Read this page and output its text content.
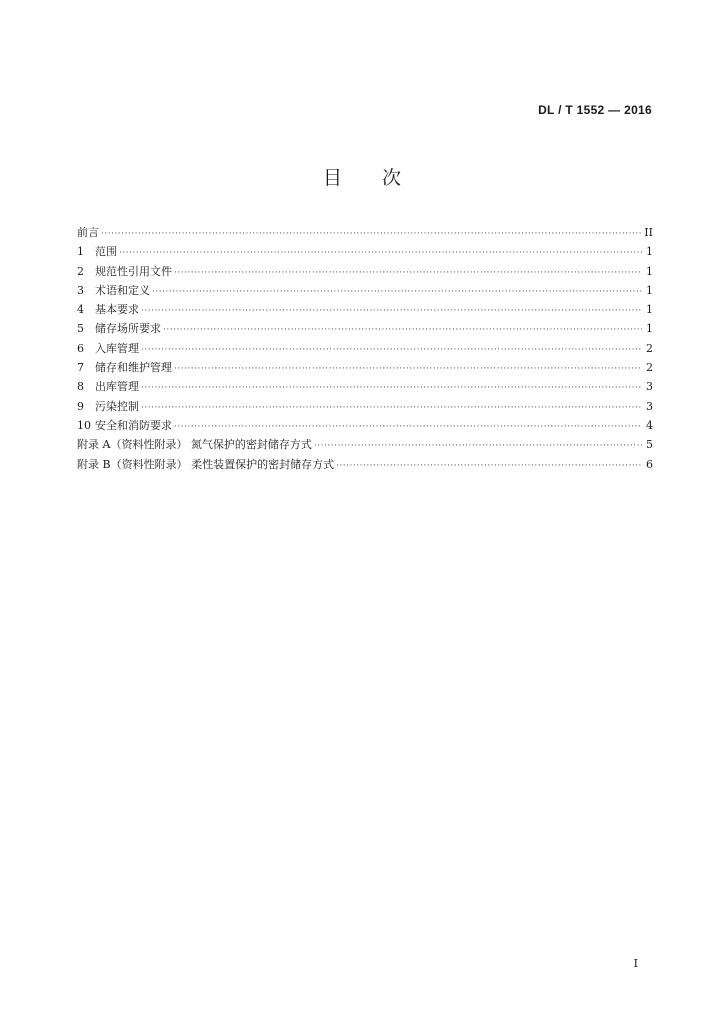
DL / T 1552 — 2016
目 次
前言 ·····	II
1	范围 ·····	1
2	规范性引用文件 ·····	1
3	术语和定义 ·····	1
4	基本要求 ·····	1
5	储存场所要求 ·····	1
6	入库管理 ·····	2
7	储存和维护管理 ·····	2
8	出库管理 ·····	3
9	污染控制 ·····	3
10 安全和消防要求 ·····	4
附录 A（资料性附录） 氮气保护的密封储存方式 ·····	5
附录 B（资料性附录） 柔性装置保护的密封储存方式 ·····	6
I
